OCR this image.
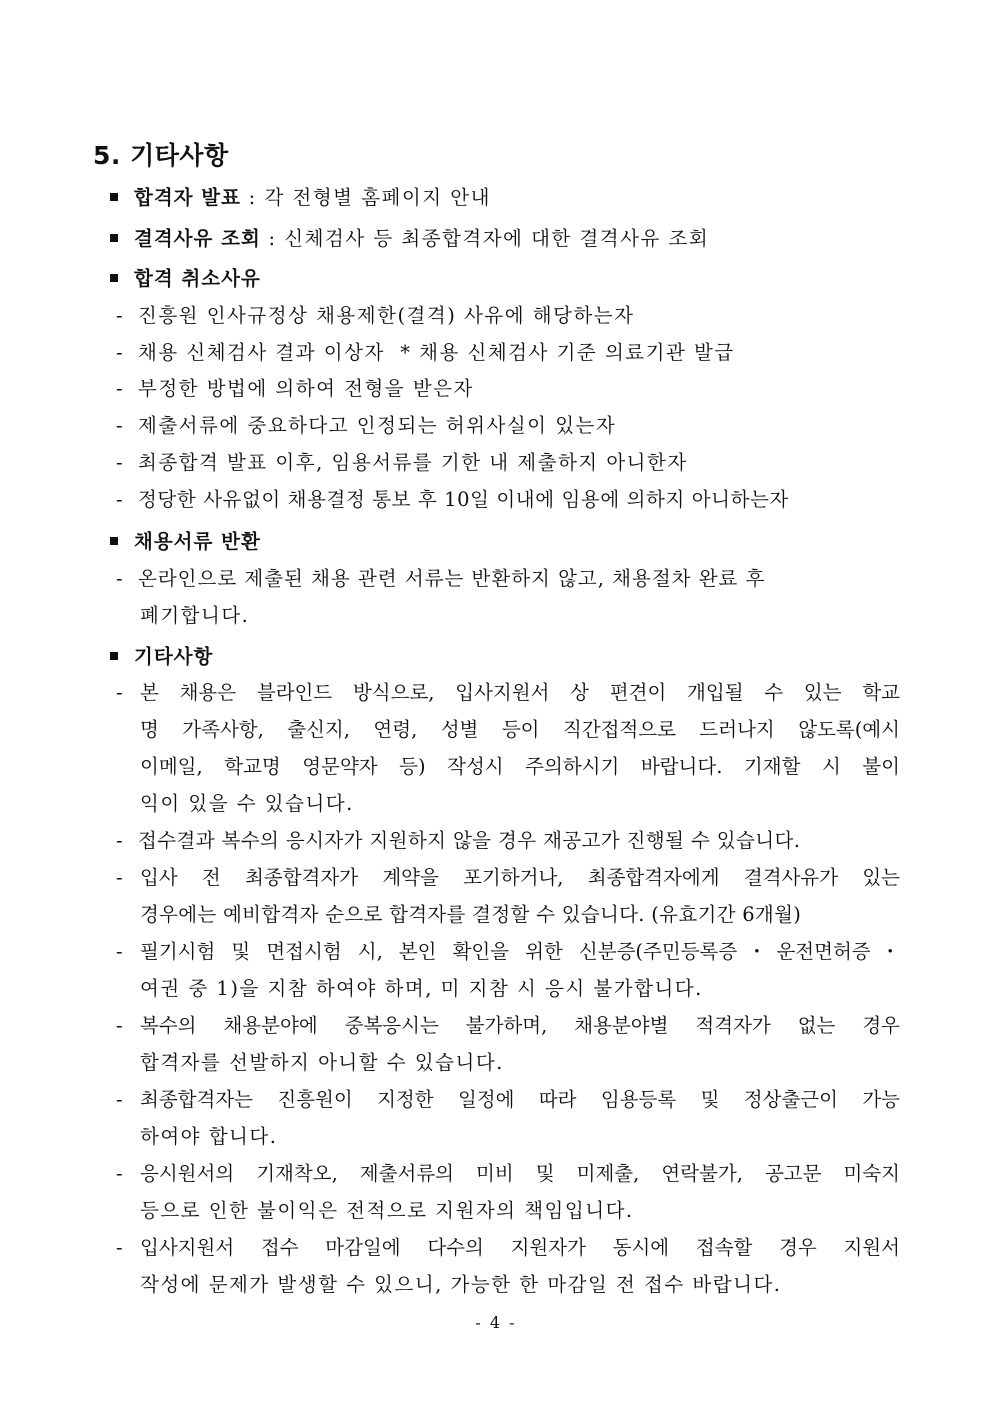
5. 기타사항
합격자 발표 : 각 전형별 홈페이지 안내
결격사유 조회 : 신체검사 등 최종합격자에 대한 결격사유 조회
합격 취소사유
- 진흥원 인사규정상 채용제한(결격) 사유에 해당하는자
- 채용 신체검사 결과 이상자  * 채용 신체검사 기준 의료기관 발급
- 부정한 방법에 의하여 전형을 받은자
- 제출서류에 중요하다고 인정되는 허위사실이 있는자
- 최종합격 발표 이후, 임용서류를 기한 내 제출하지 아니한자
- 정당한 사유없이 채용결정 통보 후 10일 이내에 임용에 의하지 아니하는자
채용서류 반환
- 온라인으로 제출된 채용 관련 서류는 반환하지 않고, 채용절차 완료 후
폐기합니다.
기타사항
- 본 채용은 블라인드 방식으로, 입사지원서 상 편견이 개입될 수 있는 학교
명 가족사항, 출신지, 연령, 성별 등이 직간접적으로 드러나지 않도록(예시
이메일, 학교명 영문약자 등) 작성시 주의하시기 바랍니다. 기재할 시 불이
익이 있을 수 있습니다.
- 접수결과 복수의 응시자가 지원하지 않을 경우 재공고가 진행될 수 있습니다.
- 입사 전 최종합격자가 계약을 포기하거나, 최종합격자에게 결격사유가 있는
경우에는 예비합격자 순으로 합격자를 결정할 수 있습니다. (유효기간 6개월)
- 필기시험 및 면접시험 시, 본인 확인을 위한 신분증(주민등록증・운전면허증・
여권 중 1)을 지참 하여야 하며, 미 지참 시 응시 불가합니다.
- 복수의 채용분야에 중복응시는 불가하며, 채용분야별 적격자가 없는 경우
합격자를 선발하지 아니할 수 있습니다.
- 최종합격자는 진흥원이 지정한 일정에 따라 임용등록 및 정상출근이 가능
하여야 합니다.
- 응시원서의 기재착오, 제출서류의 미비 및 미제출, 연락불가, 공고문 미숙지
등으로 인한 불이익은 전적으로 지원자의 책임입니다.
- 입사지원서 접수 마감일에 다수의 지원자가 동시에 접속할 경우 지원서
작성에 문제가 발생할 수 있으니, 가능한 한 마감일 전 접수 바랍니다.
- 4 -
